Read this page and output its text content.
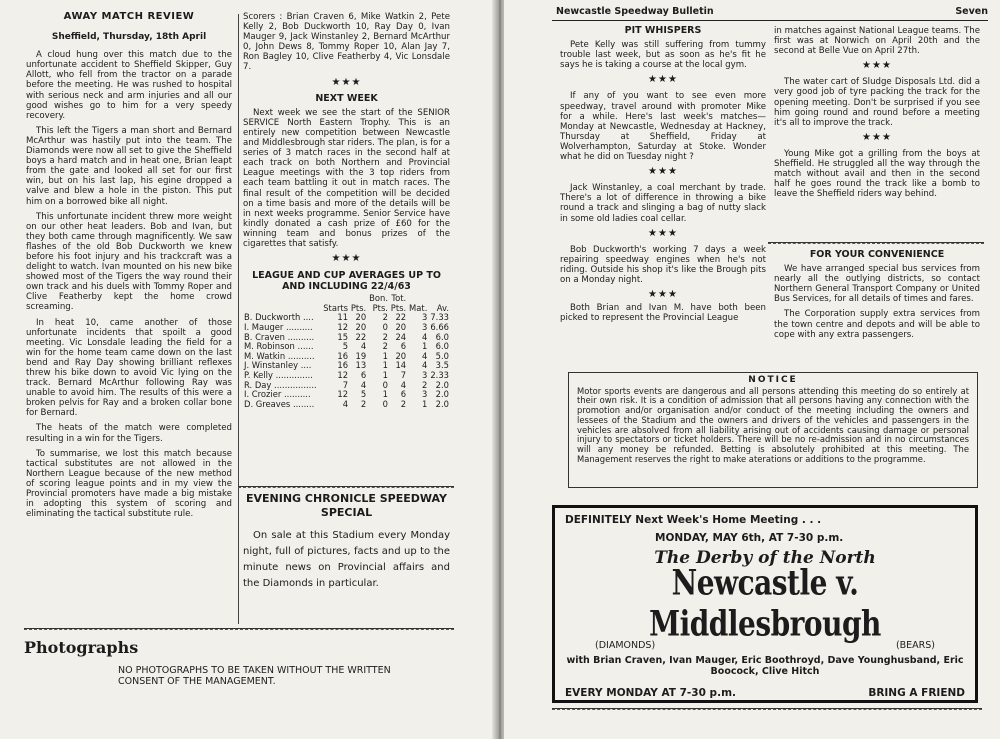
AWAY MATCH REVIEW
Sheffield, Thursday, 18th April

A cloud hung over this match due to the unfortunate accident to Sheffield Skipper, Guy Allott, who fell from the tractor on a parade before the meeting. He was rushed to hospital with serious neck and arm injuries and all our good wishes go to him for a very speedy recovery.

This left the Tigers a man short and Bernard McArthur was hastily put into the team. The Diamonds were now all set to give the Sheffield boys a hard match and in heat one, Brian leapt from the gate and looked all set for our first win, but on his last lap, his egine dropped a valve and blew a hole in the piston. This put him on a borrowed bike all night.

This unfortunate incident threw more weight on our other heat leaders. Bob and Ivan, but they both came through magnificently. We saw flashes of the old Bob Duckworth we knew before his foot injury and his trackcraft was a delight to watch. Ivan mounted on his new bike showed most of the Tigers the way round their own track and his duels with Tommy Roper and Clive Featherby kept the home crowd screaming.

In heat 10, came another of those unfortunate incidents that spoilt a good meeting. Vic Lonsdale leading the field for a win for the home team came down on the last bend and Ray Day showing brilliant reflexes threw his bike down to avoid Vic lying on the track. Bernard McArthur following Ray was unable to avoid him. The results of this were a broken pelvis for Ray and a broken collar bone for Bernard.

The heats of the match were completed resulting in a win for the Tigers.

To summarise, we lost this match because tactical substitutes are not allowed in the Northern League because of the new method of scoring league points and in my view the Provincial promoters have made a big mistake in adopting this system of scoring and eliminating the tactical substitute rule.

Scorers : Brian Craven 6, Mike Watkin 2, Pete Kelly 2, Bob Duckworth 10, Ray Day 0, Ivan Mauger 9, Jack Winstanley 2, Bernard McArthur 0, John Dews 8, Tommy Roper 10, Alan Jay 7, Ron Bagley 10, Clive Featherby 4, Vic Lonsdale 7.

★★★
NEXT WEEK

Next week we see the start of the SENIOR SERVICE North Eastern Trophy. This is an entirely new competition between Newcastle and Middlesbrough star riders. The plan, is for a series of 3 match races in the second half at each track on both Northern and Provincial League meetings with the 3 top riders from each team battling it out in match races. The final result of the competition will be decided on a time basis and more of the details will be in next weeks programme. Senior Service have kindly donated a cash prize of £60 for the winning team and bonus prizes of the cigarettes that satisfy.

★★★
LEAGUE AND CUP AVERAGES UP TO AND INCLUDING 22/4/63
			Bon.	Tot.		
	Starts	Pts.	Pts.	Pts.	Mat.	Av.
B. Duckworth ....	11	20	2	22	3	7.33
I. Mauger ..........	12	20	0	20	3	6.66
B. Craven ..........	15	22	2	24	4	6.0
M. Robinson ......	5	4	2	6	1	6.0
M. Watkin ..........	16	19	1	20	4	5.0
J. Winstanley ....	16	13	1	14	4	3.5
P. Kelly ..............	12	6	1	7	3	2.33
R. Day ................	7	4	0	4	2	2.0
I. Crozier ..........	12	5	1	6	3	2.0
D. Greaves ........	4	2	0	2	1	2.0
EVENING CHRONICLE SPEEDWAY SPECIAL

On sale at this Stadium every Monday night, full of pictures, facts and up to the minute news on Provincial affairs and the Diamonds in particular.

Photographs
NO PHOTOGRAPHS TO BE TAKEN WITHOUT THE WRITTEN CONSENT OF THE MANAGEMENT.
Newcastle Speedway Bulletin	Seven
PIT WHISPERS

Pete Kelly was still suffering from tummy trouble last week, but as soon as he's fit he says he is taking a course at the local gym.

★★★

If any of you want to see even more speedway, travel around with promoter Mike for a while. Here's last week's matches—Monday at Newcastle, Wednesday at Hackney, Thursday at Sheffield, Friday at Wolverhampton, Saturday at Stoke. Wonder what he did on Tuesday night ?

★★★

Jack Winstanley, a coal merchant by trade. There's a lot of difference in throwing a bike round a track and slinging a bag of nutty slack in some old ladies coal cellar.

★★★

Bob Duckworth's working 7 days a week repairing speedway engines when he's not riding. Outside his shop it's like the Brough pits on a Monday night.

★★★

Both Brian and Ivan M. have both been picked to represent the Provincial League

in matches against National League teams. The first was at Norwich on April 20th and the second at Belle Vue on April 27th.

★★★

The water cart of Sludge Disposals Ltd. did a very good job of tyre packing the track for the opening meeting. Don't be surprised if you see him going round and round before a meeting it's all to improve the track.

★★★

Young Mike got a grilling from the boys at Sheffield. He struggled all the way through the match without avail and then in the second half he goes round the track like a bomb to leave the Sheffield riders way behind.

FOR YOUR CONVENIENCE

We have arranged special bus services from nearly all the outlying districts, so contact Northern General Transport Company or United Bus Services, for all details of times and fares.

The Corporation supply extra services from the town centre and depots and will be able to cope with any extra passengers.

NOTICE
Motor sports events are dangerous and all persons attending this meeting do so entirely at their own risk. It is a condition of admission that all persons having any connection with the promotion and/or organisation and/or conduct of the meeting including the owners and lessees of the Stadium and the owners and drivers of the vehicles and passengers in the vehicles are absolved from all liability arising out of accidents causing damage or personal injury to spectators or ticket holders. There will be no re-admission and in no circumstances will any money be refunded. Betting is absolutely prohibited at this meeting. The Management reserves the right to make aterations or additions to the programme.
DEFINITELY Next Week's Home Meeting . . .
MONDAY, MAY 6th, AT 7-30 p.m.
The Derby of the North
Newcastle v. Middlesbrough
(DIAMONDS)	(BEARS)
with Brian Craven, Ivan Mauger, Eric Boothroyd, Dave Younghusband, Eric Boocock, Clive Hitch
EVERY MONDAY AT 7-30 p.m.	BRING A FRIEND
